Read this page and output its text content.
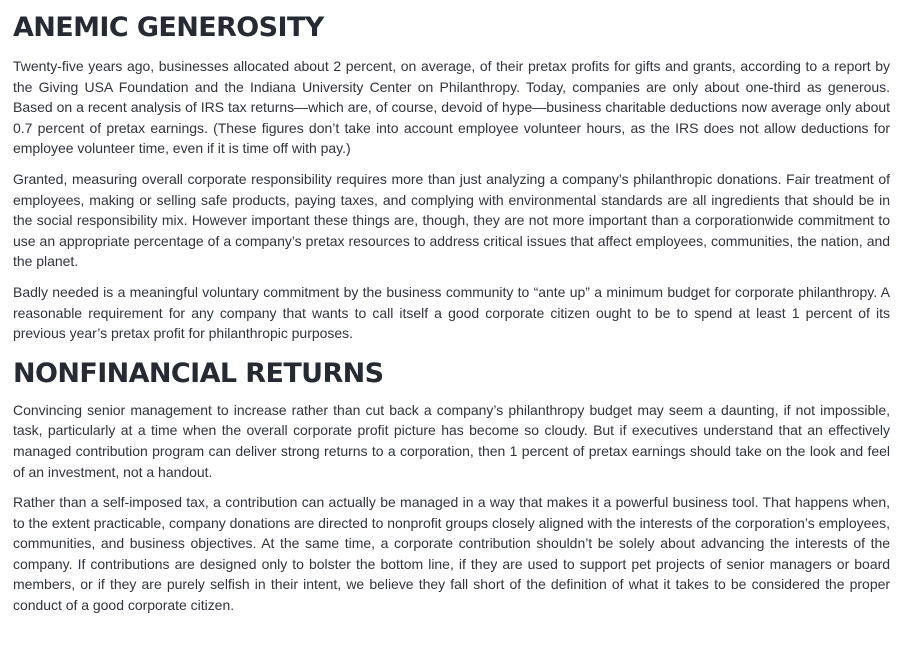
ANEMIC GENEROSITY

Twenty-five years ago, businesses allocated about 2 percent, on average, of their pretax profits for gifts and grants, according to a report by the Giving USA Foundation and the Indiana University Center on Philanthropy. Today, companies are only about one-third as generous. Based on a recent analysis of IRS tax returns—which are, of course, devoid of hype—business charitable deductions now average only about 0.7 percent of pretax earnings. (These figures don’t take into account employee volunteer hours, as the IRS does not allow deductions for employee volunteer time, even if it is time off with pay.)

Granted, measuring overall corporate responsibility requires more than just analyzing a company’s philanthropic donations. Fair treatment of employees, making or selling safe products, paying taxes, and complying with environmental standards are all ingredients that should be in the social responsibility mix. However important these things are, though, they are not more important than a corporationwide commitment to use an appropriate percentage of a company’s pretax resources to address critical issues that affect employees, communities, the nation, and the planet.

Badly needed is a meaningful voluntary commitment by the business community to “ante up” a minimum budget for corporate philanthropy. A reasonable requirement for any company that wants to call itself a good corporate citizen ought to be to spend at least 1 percent of its previous year’s pretax profit for philanthropic purposes.

NONFINANCIAL RETURNS

Convincing senior management to increase rather than cut back a company’s philanthropy budget may seem a daunting, if not impossible, task, particularly at a time when the overall corporate profit picture has become so cloudy. But if executives understand that an effectively managed contribution program can deliver strong returns to a corporation, then 1 percent of pretax earnings should take on the look and feel of an investment, not a handout.

Rather than a self-imposed tax, a contribution can actually be managed in a way that makes it a powerful business tool. That happens when, to the extent practicable, company donations are directed to nonprofit groups closely aligned with the interests of the corporation’s employees, communities, and business objectives. At the same time, a corporate contribution shouldn’t be solely about advancing the interests of the company. If contributions are designed only to bolster the bottom line, if they are used to support pet projects of senior managers or board members, or if they are purely selfish in their intent, we believe they fall short of the definition of what it takes to be considered the proper conduct of a good corporate citizen.
